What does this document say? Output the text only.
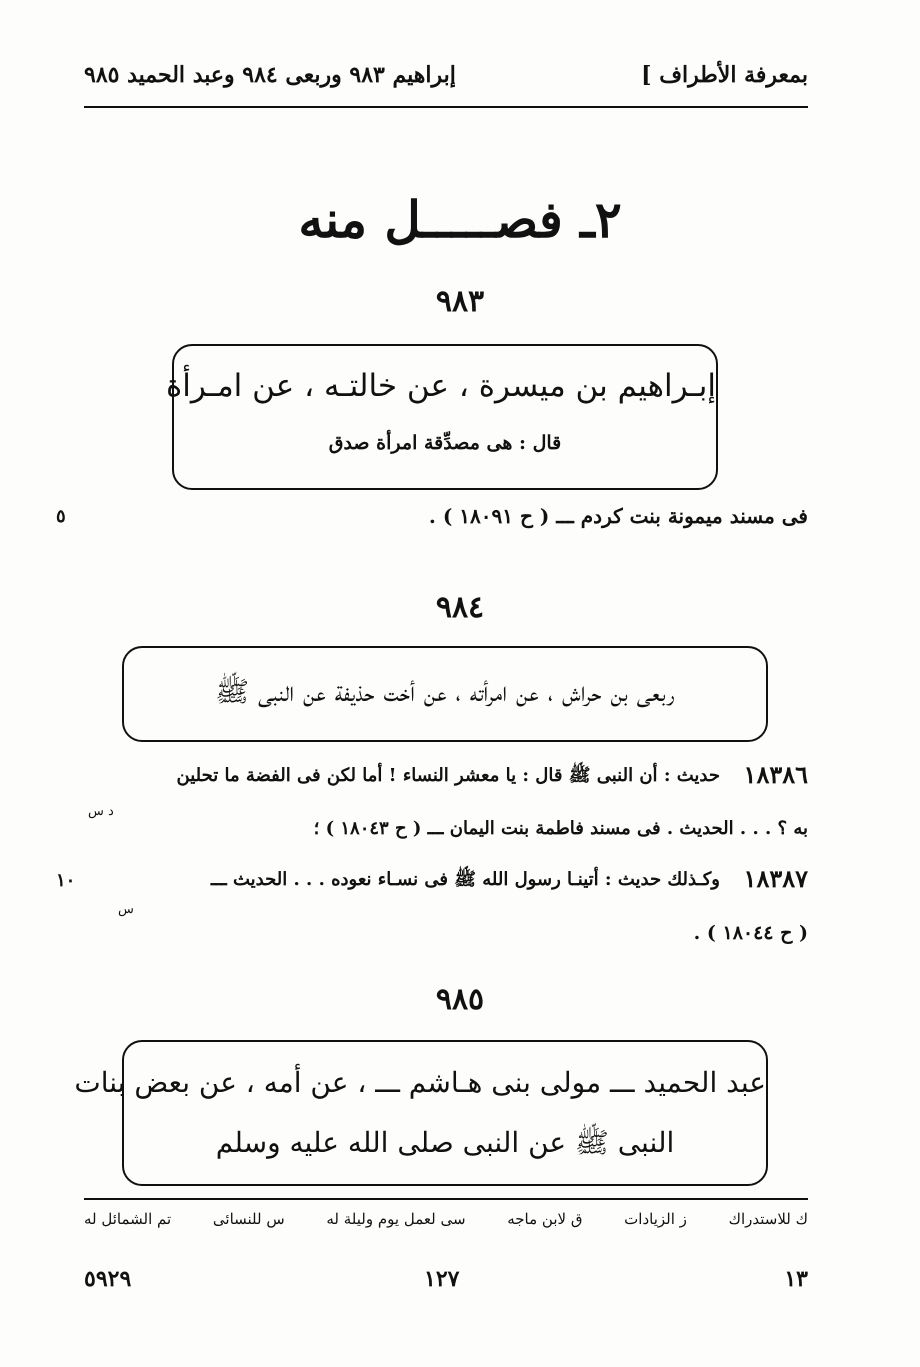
إبراهيم ٩٨٣ وربعى ٩٨٤ وعبد الحميد ٩٨٥	بمعرفة الأطراف ]
٢ـ فصـــــل منه
٩٨٣
إبـراهيم بن ميسرة ، عن خالتـه ، عن امـرأة
قال : هى مصدِّقة امرأة صدق
فى مسند ميمونة بنت كردم ـــ ( ح ١٨٠٩١ ) .
٥
٩٨٤
ربعى بن حراش ، عن امرأته ، عن أخت حذيفة عن النبى ﷺ
١٨٣٨٦
حديث : أن النبى ﷺ قال : يا معشر النساء ! أما لكن فى الفضة ما تحلين
د س
به ؟ . . . الحديث . فى مسند فاطمة بنت اليمان ـــ ( ح ١٨٠٤٣ ) ؛
١٨٣٨٧
وكـذلك حديث : أتينـا رسول الله ﷺ فى نسـاء نعوده . . . الحديث ـــ
١٠
س
( ح ١٨٠٤٤ ) .
٩٨٥
عبد الحميد ـــ مولى بنى هـاشم ـــ ، عن أمه ، عن بعض بنات
النبى ﷺ عن النبى صلى الله عليه وسلم
تم الشمائل له	س للنسائى	سى لعمل يوم وليلة له	ق لابن ماجه	ز الزيادات	ك للاستدراك
٥٩٢٩	١٢٧	١٣
